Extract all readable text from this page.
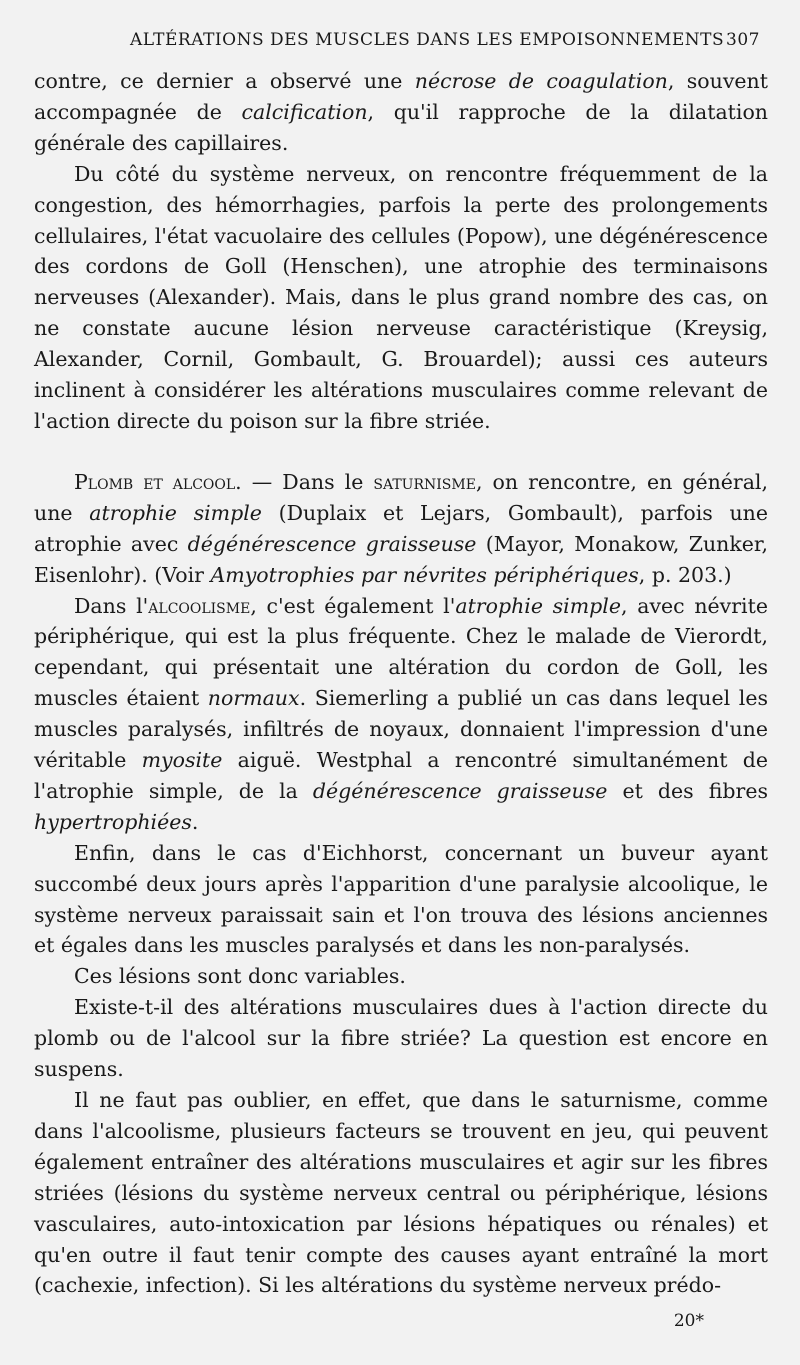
ALTÉRATIONS DES MUSCLES DANS LES EMPOISONNEMENTS 307

contre, ce dernier a observé une nécrose de coagulation, souvent accompagnée de calcification, qu'il rapproche de la dilatation générale des capillaires.

Du côté du système nerveux, on rencontre fréquemment de la congestion, des hémorrhagies, parfois la perte des prolongements cellulaires, l'état vacuolaire des cellules (Popow), une dégénérescence des cordons de Goll (Henschen), une atrophie des terminaisons nerveuses (Alexander). Mais, dans le plus grand nombre des cas, on ne constate aucune lésion nerveuse caractéristique (Kreysig, Alexander, Cornil, Gombault, G. Brouardel); aussi ces auteurs inclinent à considérer les altérations musculaires comme relevant de l'action directe du poison sur la fibre striée.

Plomb et alcool. — Dans le saturnisme, on rencontre, en général, une atrophie simple (Duplaix et Lejars, Gombault), parfois une atrophie avec dégénérescence graisseuse (Mayor, Monakow, Zunker, Eisenlohr). (Voir Amyotrophies par névrites périphériques, p. 203.)

Dans l'alcoolisme, c'est également l'atrophie simple, avec névrite périphérique, qui est la plus fréquente. Chez le malade de Vierordt, cependant, qui présentait une altération du cordon de Goll, les muscles étaient normaux. Siemerling a publié un cas dans lequel les muscles paralysés, infiltrés de noyaux, donnaient l'impression d'une véritable myosite aiguë. Westphal a rencontré simultanément de l'atrophie simple, de la dégénérescence graisseuse et des fibres hypertrophiées.

Enfin, dans le cas d'Eichhorst, concernant un buveur ayant succombé deux jours après l'apparition d'une paralysie alcoolique, le système nerveux paraissait sain et l'on trouva des lésions anciennes et égales dans les muscles paralysés et dans les non-paralysés.

Ces lésions sont donc variables.

Existe-t-il des altérations musculaires dues à l'action directe du plomb ou de l'alcool sur la fibre striée? La question est encore en suspens.

Il ne faut pas oublier, en effet, que dans le saturnisme, comme dans l'alcoolisme, plusieurs facteurs se trouvent en jeu, qui peuvent également entraîner des altérations musculaires et agir sur les fibres striées (lésions du système nerveux central ou périphérique, lésions vasculaires, auto-intoxication par lésions hépatiques ou rénales) et qu'en outre il faut tenir compte des causes ayant entraîné la mort (cachexie, infection). Si les altérations du système nerveux prédo-

20*
